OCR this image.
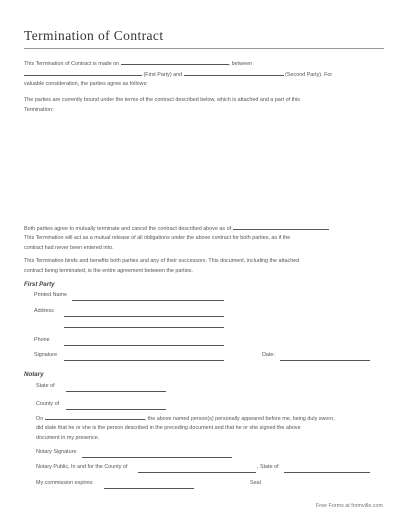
Termination of Contract

This Termination of Contract is made on	, between

(First Party) and	(Second Party). For

valuable consideration, the parties agree as follows:

The parties are currently bound under the terms of the contract described below, which is attached and a part of this

Termination:

Both parties agree to mutually terminate and cancel the contract described above as of

This Termination will act as a mutual release of all obligations under the above contract for both parties, as if the

contract had never been entered into.

This Termination binds and benefits both parties and any of their successors. This document, including the attached

contract being terminated, is the entire agreement between the parties.

First Party

Printed Name
Address
Phone
Signature	Date:

Notary

State of
County of

On	, the above named person(s) personally appeared before me, being duly sworn,

did state that he or she is the person described in the preceding document and that he or she signed the above

document in my presence.

Notary Signature
Notary Public, In and for the County of	, State of
My commission expires:	Seal
Free Forms at formville.com
